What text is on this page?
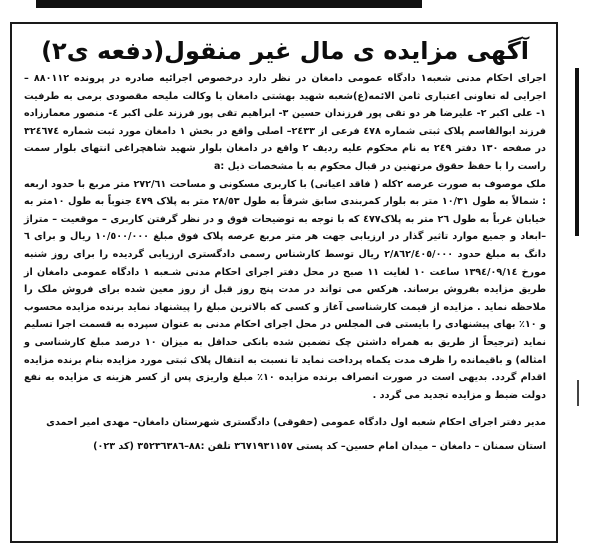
آگهی مزایده ی مال غیر منقول(دفعه ی۲)

اجرای احکام مدنی شعبه۱ دادگاه عمومی دامغان در نظر دارد درخصوص اجرائیه صادره در پرونده ۸۸۰۱۱۲ –اجرایی له تعاونی اعتباری ثامن الائمه(ع)شعبه شهید بهشتی دامغان با وکالت ملیحه مقصودی برمی به طرفیت ۱- علی اکبر ۲- علیرضا هر دو تقی پور فرزندان حسین ۳- ابراهیم تقی پور فرزند علی اکبر ٤- منصور معمارزاده فرزند ابوالقاسم پلاک ثبتی شماره ٤٧٨ فرعی از ۲٤۳۳– اصلی واقع در بخش ۱ دامغان مورد ثبت شماره ۳۲٤٦٧٤ در صفحه ۱۳۰ دفتر ۲٤۹ به نام محکوم علیه ردیف ۲ واقع در دامغان بلوار شهید شاهچراغی انتهای بلوار سمت راست را با حفظ حقوق مرتهنین در قبال محکوم به با مشخصات ذیل :a

ملک موصوف به صورت عرصه ۲کله ( فاقد اعیانی) با کاربری مسکونی و مساحت ۲۷۲/٦۱ متر مربع با حدود اربعه : شمالاً به طول ۱۰/۳۱ متر به بلوار کمربندی سابق شرقاً به طول ۲۸/٥۳ متر به پلاک ٤٧٩ جنوباً به طول ۱۰متر به خیابان غرباً به طول ۲٦ متر به پلاک٤٧٧ که با توجه به توضیحات فوق و در نظر گرفتن کاربری – موقعیت – متراژ –ابعاد و جمیع موارد تاثیر گذار در ارزیابی جهت هر متر مربع عرصه پلاک فوق مبلغ ۱۰/٥۰۰/۰۰۰ ریال و برای ٦ دانگ به مبلغ حدود ۲/٨٦۲/٤۰٥/۰۰۰ ریال توسط کارشناس رسمی دادگستری ارزیابی گردیده را برای روز شنبه مورخ ۱۳۹٤/۰۹/۱٤ ساعت ۱۰ لغایت ۱۱ صبح در محل دفتر اجرای احکام مدنی شـعبه ۱ دادگاه عمومی دامغان از طریق مزایده بفروش برساند. هرکس می تواند در مدت پنج روز قبل از روز معین شده برای فروش ملک را ملاحظه نماید . مزایده از قیمت کارشناسی آغاز و کسی که بالاترین مبلغ را پیشنهاد نماید برنده مزایده محسوب و ۱۰٪ بهای پیشنهادی را بایستی فی المجلس در محل اجرای احکام مدنی به عنوان سپرده به قسمت اجرا تسلیم نماید (ترجیحاً از طریق به همراه داشتن چک تضمین شده بانکی حداقل به میزان ۱۰ درصد مبلغ کارشناسی و امثاله) و باقیمانده را ظرف مدت یکماه پرداخت نماید تا نسبت به انتقال پلاک ثبتی مورد مزایده بنام برنده مزایده اقدام گردد. بدیهی است در صورت انصراف برنده مزایده ۱۰٪ مبلغ واریزی پس از کسر هزینه ی مزایده به نفع دولت ضبط و مزایده تجدید می گردد .

مدیر دفتر اجرای احکام شعبه اول دادگاه عمومی (حقوقی) دادگستری شهرستان دامغان– مهدی امیر احمدی
استان سمنان – دامغان – میدان امام حسین– کد پستی ۳٦٧۱۹۳۱۱٥٧ تلفن :۸۸–۳٥۲۳٦۳۸٦ (کد ۰۲۳)
